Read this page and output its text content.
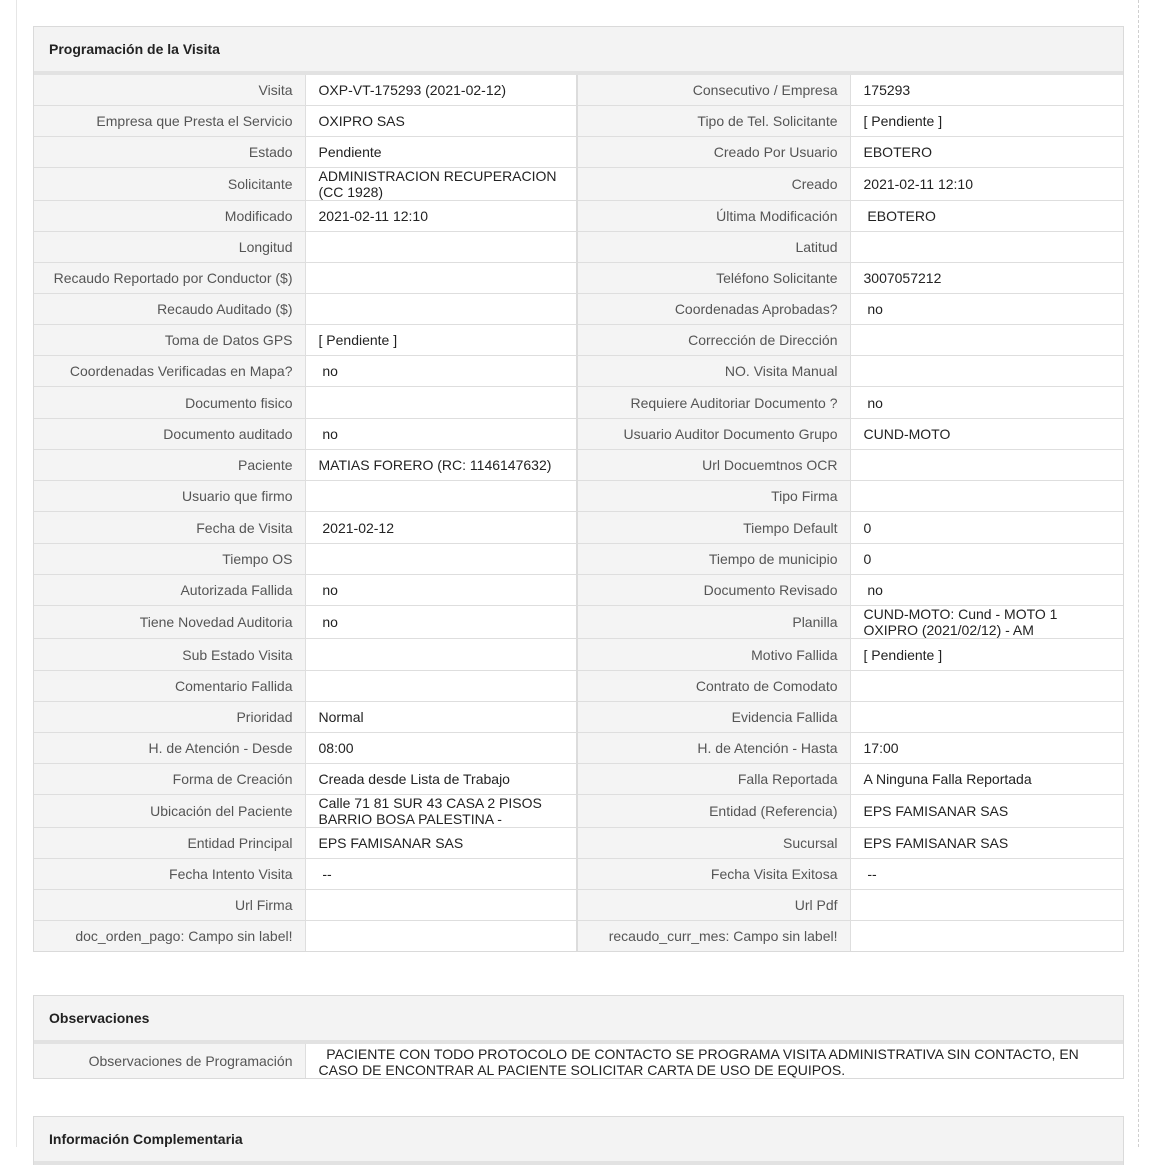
Programación de la Visita
Visita	OXP-VT-175293 (2021-02-12)	Consecutivo / Empresa	175293
Empresa que Presta el Servicio	OXIPRO SAS	Tipo de Tel. Solicitante	[ Pendiente ]
Estado	Pendiente	Creado Por Usuario	EBOTERO
Solicitante	ADMINISTRACION RECUPERACION (CC 1928)	Creado	2021-02-11 12:10
Modificado	2021-02-11 12:10	Última Modificación	EBOTERO
Longitud		Latitud	
Recaudo Reportado por Conductor ($)		Teléfono Solicitante	3007057212
Recaudo Auditado ($)		Coordenadas Aprobadas?	no
Toma de Datos GPS	[ Pendiente ]	Corrección de Dirección	
Coordenadas Verificadas en Mapa?	no	NO. Visita Manual	
Documento fisico		Requiere Auditoriar Documento ?	no
Documento auditado	no	Usuario Auditor Documento Grupo	CUND-MOTO
Paciente	MATIAS FORERO (RC: 1146147632)	Url Docuemtnos OCR	
Usuario que firmo		Tipo Firma	
Fecha de Visita	2021-02-12	Tiempo Default	0
Tiempo OS		Tiempo de municipio	0
Autorizada Fallida	no	Documento Revisado	no
Tiene Novedad Auditoria	no	Planilla	CUND-MOTO: Cund - MOTO 1 OXIPRO (2021/02/12) - AM
Sub Estado Visita		Motivo Fallida	[ Pendiente ]
Comentario Fallida		Contrato de Comodato	
Prioridad	Normal	Evidencia Fallida	
H. de Atención - Desde	08:00	H. de Atención - Hasta	17:00
Forma de Creación	Creada desde Lista de Trabajo	Falla Reportada	A Ninguna Falla Reportada
Ubicación del Paciente	Calle 71 81 SUR 43 CASA 2 PISOS BARRIO BOSA PALESTINA -	Entidad (Referencia)	EPS FAMISANAR SAS
Entidad Principal	EPS FAMISANAR SAS	Sucursal	EPS FAMISANAR SAS
Fecha Intento Visita	--	Fecha Visita Exitosa	--
Url Firma		Url Pdf	
doc_orden_pago: Campo sin label!		recaudo_curr_mes: Campo sin label!	
Observaciones
Observaciones de Programación	PACIENTE CON TODO PROTOCOLO DE CONTACTO SE PROGRAMA VISITA ADMINISTRATIVA SIN CONTACTO, EN CASO DE ENCONTRAR AL PACIENTE SOLICITAR CARTA DE USO DE EQUIPOS.
Información Complementaria
